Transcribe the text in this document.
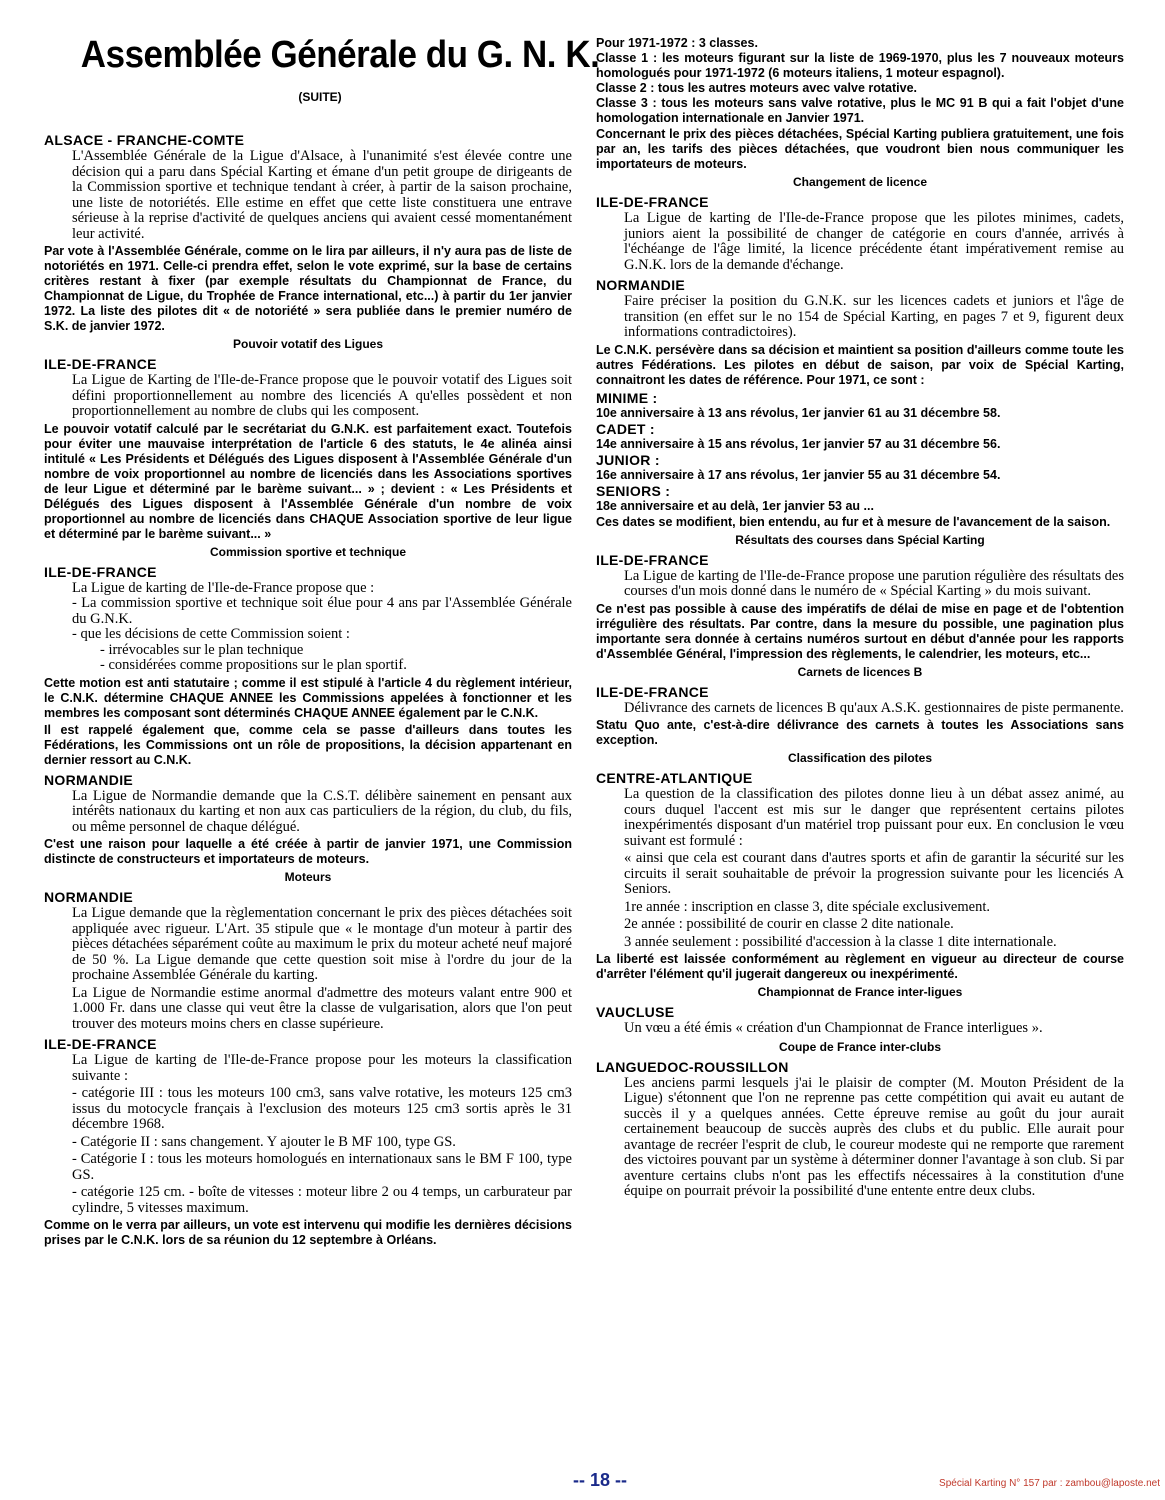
Assemblée Générale du G. N. K.
(SUITE)
ALSACE - FRANCHE-COMTE
L'Assemblée Générale de la Ligue d'Alsace, à l'unanimité s'est élevée contre une décision qui a paru dans Spécial Karting et émane d'un petit groupe de dirigeants de la Commission sportive et technique tendant à créer, à partir de la saison prochaine, une liste de notoriétés. Elle estime en effet que cette liste constituera une entrave sérieuse à la reprise d'activité de quelques anciens qui avaient cessé momentanément leur activité.
Par vote à l'Assemblée Générale, comme on le lira par ailleurs, il n'y aura pas de liste de notoriétés en 1971. Celle-ci prendra effet, selon le vote exprimé, sur la base de certains critères restant à fixer (par exemple résultats du Championnat de France, du Championnat de Ligue, du Trophée de France international, etc...) à partir du 1er janvier 1972. La liste des pilotes dit « de notoriété » sera publiée dans le premier numéro de S.K. de janvier 1972.
Pouvoir votatif des Ligues
ILE-DE-FRANCE
La Ligue de Karting de l'Ile-de-France propose que le pouvoir votatif des Ligues soit défini proportionnellement au nombre des licenciés A qu'elles possèdent et non proportionnellement au nombre de clubs qui les composent.
Le pouvoir votatif calculé par le secrétariat du G.N.K. est parfaitement exact. Toutefois pour éviter une mauvaise interprétation de l'article 6 des statuts, le 4e alinéa ainsi intitulé « Les Présidents et Délégués des Ligues disposent à l'Assemblée Générale d'un nombre de voix proportionnel au nombre de licenciés dans les Associations sportives de leur Ligue et déterminé par le barème suivant... » ; devient : « Les Présidents et Délégués des Ligues disposent à l'Assemblée Générale d'un nombre de voix proportionnel au nombre de licenciés dans CHAQUE Association sportive de leur ligue et déterminé par le barème suivant... »
Commission sportive et technique
ILE-DE-FRANCE
La Ligue de karting de l'Ile-de-France propose que :
- La commission sportive et technique soit élue pour 4 ans par l'Assemblée Générale du G.N.K.
- que les décisions de cette Commission soient :
- irrévocables sur le plan technique
- considérées comme propositions sur le plan sportif.
Cette motion est anti statutaire ; comme il est stipulé à l'article 4 du règlement intérieur, le C.N.K. détermine CHAQUE ANNEE les Commissions appelées à fonctionner et les membres les composant sont déterminés CHAQUE ANNEE également par le C.N.K.
Il est rappelé également que, comme cela se passe d'ailleurs dans toutes les Fédérations, les Commissions ont un rôle de propositions, la décision appartenant en dernier ressort au C.N.K.
NORMANDIE
La Ligue de Normandie demande que la C.S.T. délibère sainement en pensant aux intérêts nationaux du karting et non aux cas particuliers de la région, du club, du fils, ou même personnel de chaque délégué.
C'est une raison pour laquelle a été créée à partir de janvier 1971, une Commission distincte de constructeurs et importateurs de moteurs.
Moteurs
NORMANDIE
La Ligue demande que la règlementation concernant le prix des pièces détachées soit appliquée avec rigueur. L'Art. 35 stipule que « le montage d'un moteur à partir des pièces détachées séparément coûte au maximum le prix du moteur acheté neuf majoré de 50 %. La Ligue demande que cette question soit mise à l'ordre du jour de la prochaine Assemblée Générale du karting.
La Ligue de Normandie estime anormal d'admettre des moteurs valant entre 900 et 1.000 Fr. dans une classe qui veut être la classe de vulgarisation, alors que l'on peut trouver des moteurs moins chers en classe supérieure.
ILE-DE-FRANCE
La Ligue de karting de l'Ile-de-France propose pour les moteurs la classification suivante :
- catégorie III : tous les moteurs 100 cm3, sans valve rotative, les moteurs 125 cm3 issus du motocycle français à l'exclusion des moteurs 125 cm3 sortis après le 31 décembre 1968.
- Catégorie II : sans changement. Y ajouter le B MF 100, type GS.
- Catégorie I : tous les moteurs homologués en internationaux sans le BM F 100, type GS.
- catégorie 125 cm. - boîte de vitesses : moteur libre 2 ou 4 temps, un carburateur par cylindre, 5 vitesses maximum.
Comme on le verra par ailleurs, un vote est intervenu qui modifie les dernières décisions prises par le C.N.K. lors de sa réunion du 12 septembre à Orléans.
Pour 1971-1972 : 3 classes.
Classe 1 : les moteurs figurant sur la liste de 1969-1970, plus les 7 nouveaux moteurs homologués pour 1971-1972 (6 moteurs italiens, 1 moteur espagnol).
Classe 2 : tous les autres moteurs avec valve rotative.
Classe 3 : tous les moteurs sans valve rotative, plus le MC 91 B qui a fait l'objet d'une homologation internationale en Janvier 1971.
Concernant le prix des pièces détachées, Spécial Karting publiera gratuitement, une fois par an, les tarifs des pièces détachées, que voudront bien nous communiquer les importateurs de moteurs.
Changement de licence
ILE-DE-FRANCE
La Ligue de karting de l'Ile-de-France propose que les pilotes minimes, cadets, juniors aient la possibilité de changer de catégorie en cours d'année, arrivés à l'échéange de l'âge limité, la licence précédente étant impérativement remise au G.N.K. lors de la demande d'échange.
NORMANDIE
Faire préciser la position du G.N.K. sur les licences cadets et juniors et l'âge de transition (en effet sur le no 154 de Spécial Karting, en pages 7 et 9, figurent deux informations contradictoires).
Le C.N.K. persévère dans sa décision et maintient sa position d'ailleurs comme toute les autres Fédérations. Les pilotes en début de saison, par voix de Spécial Karting, connaitront les dates de référence. Pour 1971, ce sont :
MINIME :
10e anniversaire à 13 ans révolus, 1er janvier 61 au 31 décembre 58.
CADET :
14e anniversaire à 15 ans révolus, 1er janvier 57 au 31 décembre 56.
JUNIOR :
16e anniversaire à 17 ans révolus, 1er janvier 55 au 31 décembre 54.
SENIORS :
18e anniversaire et au delà, 1er janvier 53 au ...
Ces dates se modifient, bien entendu, au fur et à mesure de l'avancement de la saison.
Résultats des courses dans Spécial Karting
ILE-DE-FRANCE
La Ligue de karting de l'Ile-de-France propose une parution régulière des résultats des courses d'un mois donné dans le numéro de « Spécial Karting » du mois suivant.
Ce n'est pas possible à cause des impératifs de délai de mise en page et de l'obtention irrégulière des résultats. Par contre, dans la mesure du possible, une pagination plus importante sera donnée à certains numéros surtout en début d'année pour les rapports d'Assemblée Général, l'impression des règlements, le calendrier, les moteurs, etc...
Carnets de licences B
ILE-DE-FRANCE
Délivrance des carnets de licences B qu'aux A.S.K. gestionnaires de piste permanente.
Statu Quo ante, c'est-à-dire délivrance des carnets à toutes les Associations sans exception.
Classification des pilotes
CENTRE-ATLANTIQUE
La question de la classification des pilotes donne lieu à un débat assez animé, au cours duquel l'accent est mis sur le danger que représentent certains pilotes inexpérimentés disposant d'un matériel trop puissant pour eux. En conclusion le vœu suivant est formulé :
« ainsi que cela est courant dans d'autres sports et afin de garantir la sécurité sur les circuits il serait souhaitable de prévoir la progression suivante pour les licenciés A Seniors.
1re année : inscription en classe 3, dite spéciale exclusivement.
2e année : possibilité de courir en classe 2 dite nationale.
3 année seulement : possibilité d'accession à la classe 1 dite internationale.
La liberté est laissée conformément au règlement en vigueur au directeur de course d'arrêter l'élément qu'il jugerait dangereux ou inexpérimenté.
Championnat de France inter-ligues
VAUCLUSE
Un vœu a été émis « création d'un Championnat de France interligues ».
Coupe de France inter-clubs
LANGUEDOC-ROUSSILLON
Les anciens parmi lesquels j'ai le plaisir de compter (M. Mouton Président de la Ligue) s'étonnent que l'on ne reprenne pas cette compétition qui avait eu autant de succès il y a quelques années. Cette épreuve remise au goût du jour aurait certainement beaucoup de succès auprès des clubs et du public. Elle aurait pour avantage de recréer l'esprit de club, le coureur modeste qui ne remporte que rarement des victoires pouvant par un système à déterminer donner l'avantage à son club. Si par aventure certains clubs n'ont pas les effectifs nécessaires à la constitution d'une équipe on pourrait prévoir la possibilité d'une entente entre deux clubs.
-- 18 --	Spécial Karting N° 157 par : zambou@laposte.net
